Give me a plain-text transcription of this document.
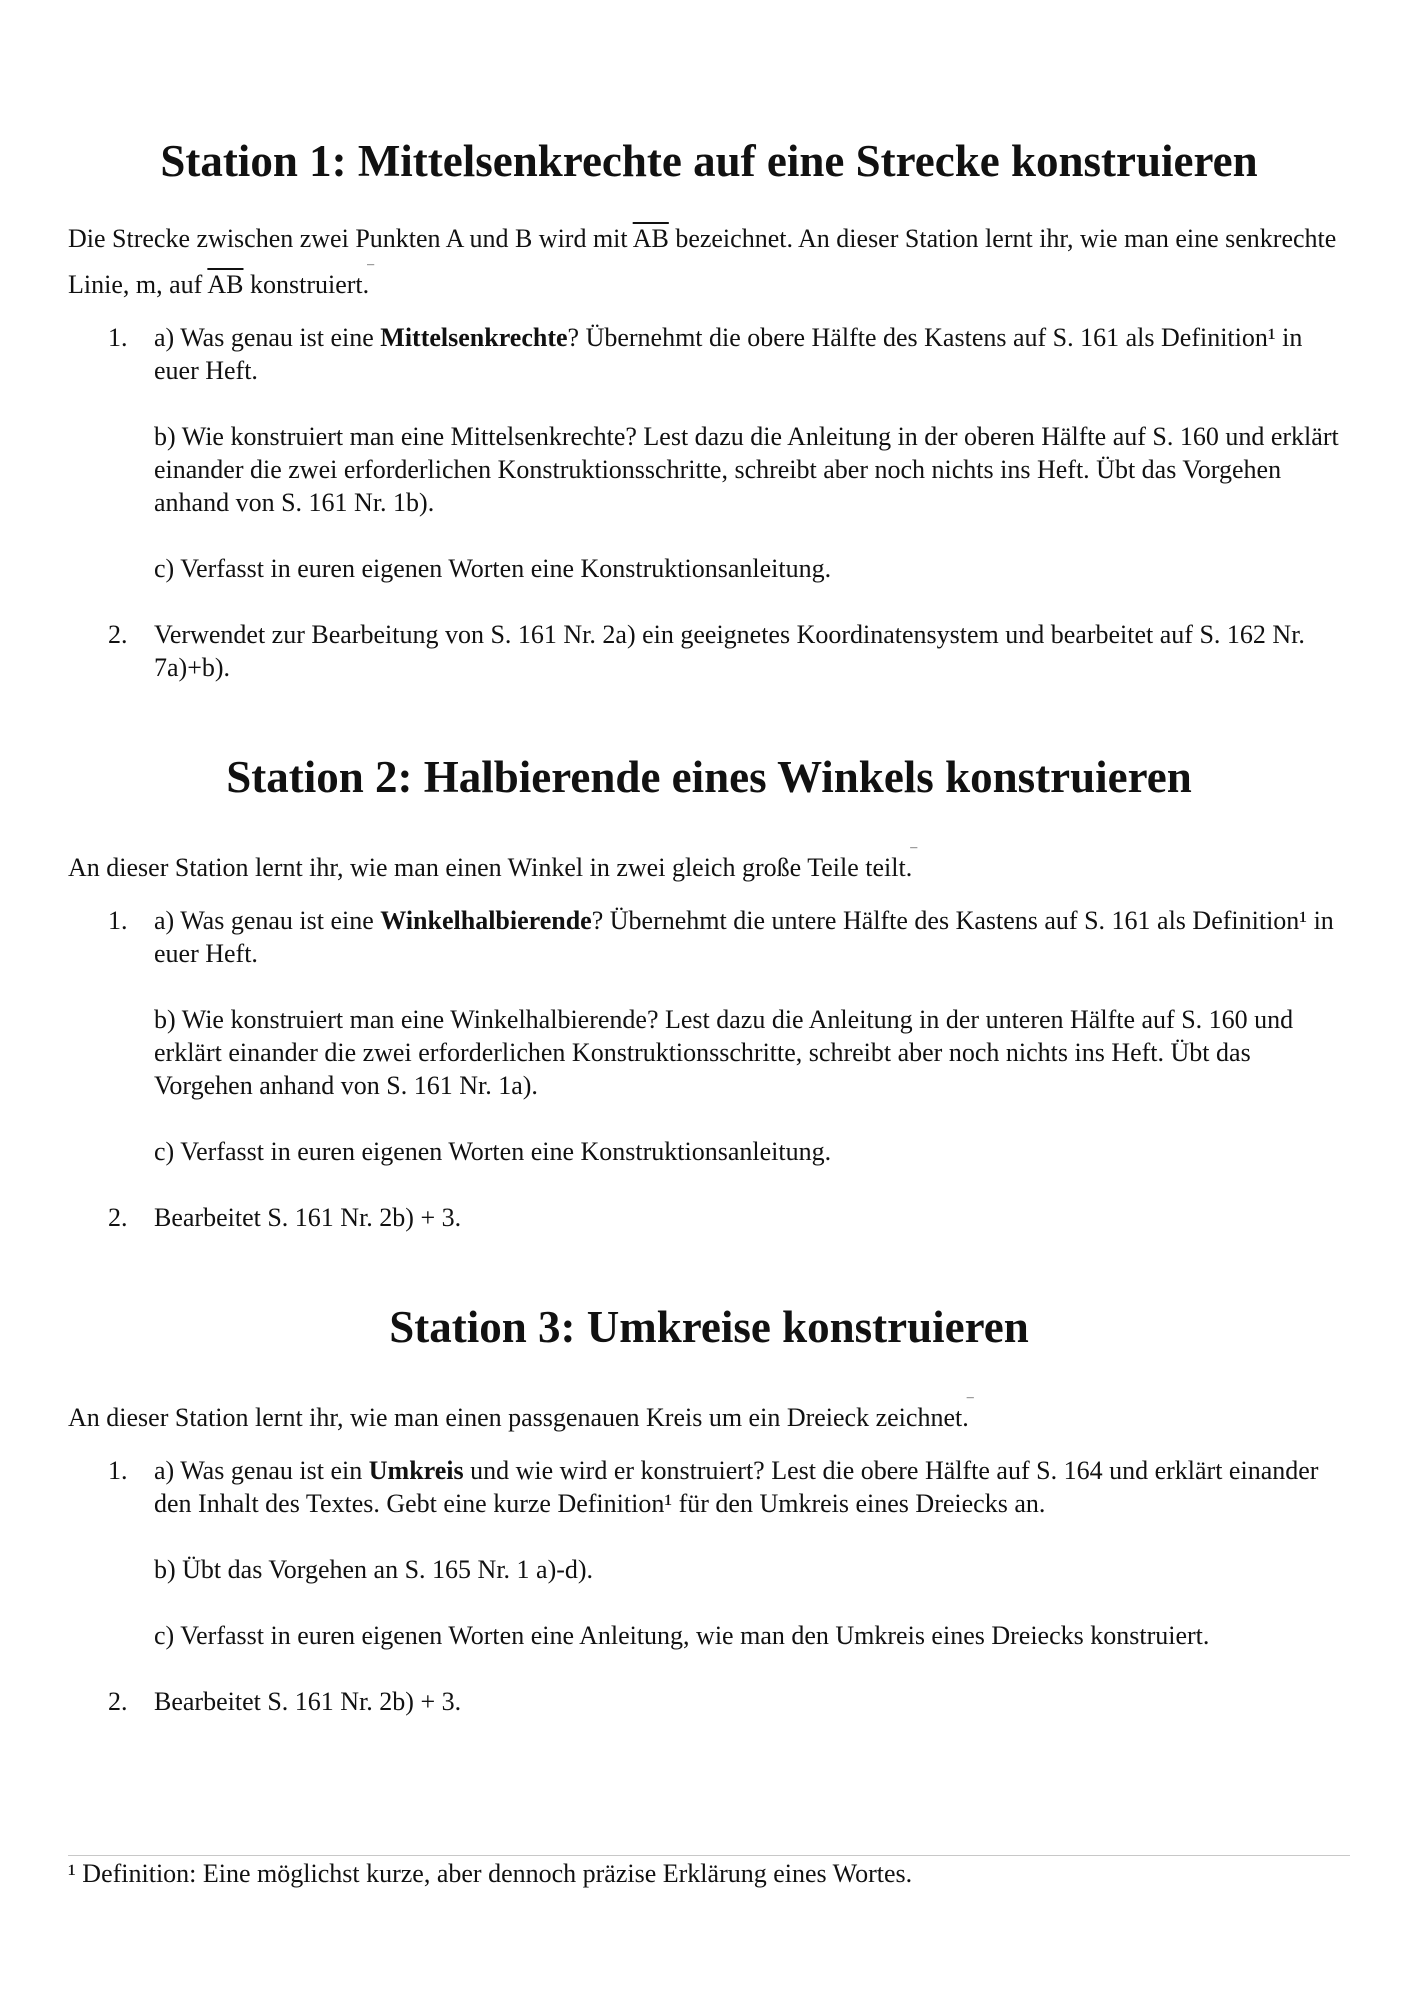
Station 1: Mittelsenkrechte auf eine Strecke konstruieren

Die Strecke zwischen zwei Punkten A und B wird mit $\overline{AB}$ bezeichnet. An dieser Station lernt ihr, wie man eine senkrechte Linie, m, auf $\overline{AB}$ konstruiert.¯

1. a) Was genau ist eine Mittelsenkrechte? Übernehmt die obere Hälfte des Kastens auf S. 161 als Definition¹ in euer Heft.

b) Wie konstruiert man eine Mittelsenkrechte? Lest dazu die Anleitung in der oberen Hälfte auf S. 160 und erklärt einander die zwei erforderlichen Konstruktionsschritte, schreibt aber noch nichts ins Heft. Übt das Vorgehen anhand von S. 161 Nr. 1b).

c) Verfasst in euren eigenen Worten eine Konstruktionsanleitung.

2. Verwendet zur Bearbeitung von S. 161 Nr. 2a) ein geeignetes Koordinatensystem und bearbeitet auf S. 162 Nr. 7a)+b).

Station 2: Halbierende eines Winkels konstruieren

An dieser Station lernt ihr, wie man einen Winkel in zwei gleich große Teile teilt.¯

1. a) Was genau ist eine Winkelhalbierende? Übernehmt die untere Hälfte des Kastens auf S. 161 als Definition¹ in euer Heft.

b) Wie konstruiert man eine Winkelhalbierende? Lest dazu die Anleitung in der unteren Hälfte auf S. 160 und erklärt einander die zwei erforderlichen Konstruktionsschritte, schreibt aber noch nichts ins Heft. Übt das Vorgehen anhand von S. 161 Nr. 1a).

c) Verfasst in euren eigenen Worten eine Konstruktionsanleitung.

2. Bearbeitet S. 161 Nr. 2b) + 3.

Station 3: Umkreise konstruieren

An dieser Station lernt ihr, wie man einen passgenauen Kreis um ein Dreieck zeichnet.¯

1. a) Was genau ist ein Umkreis und wie wird er konstruiert? Lest die obere Hälfte auf S. 164 und erklärt einander den Inhalt des Textes. Gebt eine kurze Definition¹ für den Umkreis eines Dreiecks an.

b) Übt das Vorgehen an S. 165 Nr. 1 a)-d).

c) Verfasst in euren eigenen Worten eine Anleitung, wie man den Umkreis eines Dreiecks konstruiert.

2. Bearbeitet S. 161 Nr. 2b) + 3.

¹ Definition: Eine möglichst kurze, aber dennoch präzise Erklärung eines Wortes.
